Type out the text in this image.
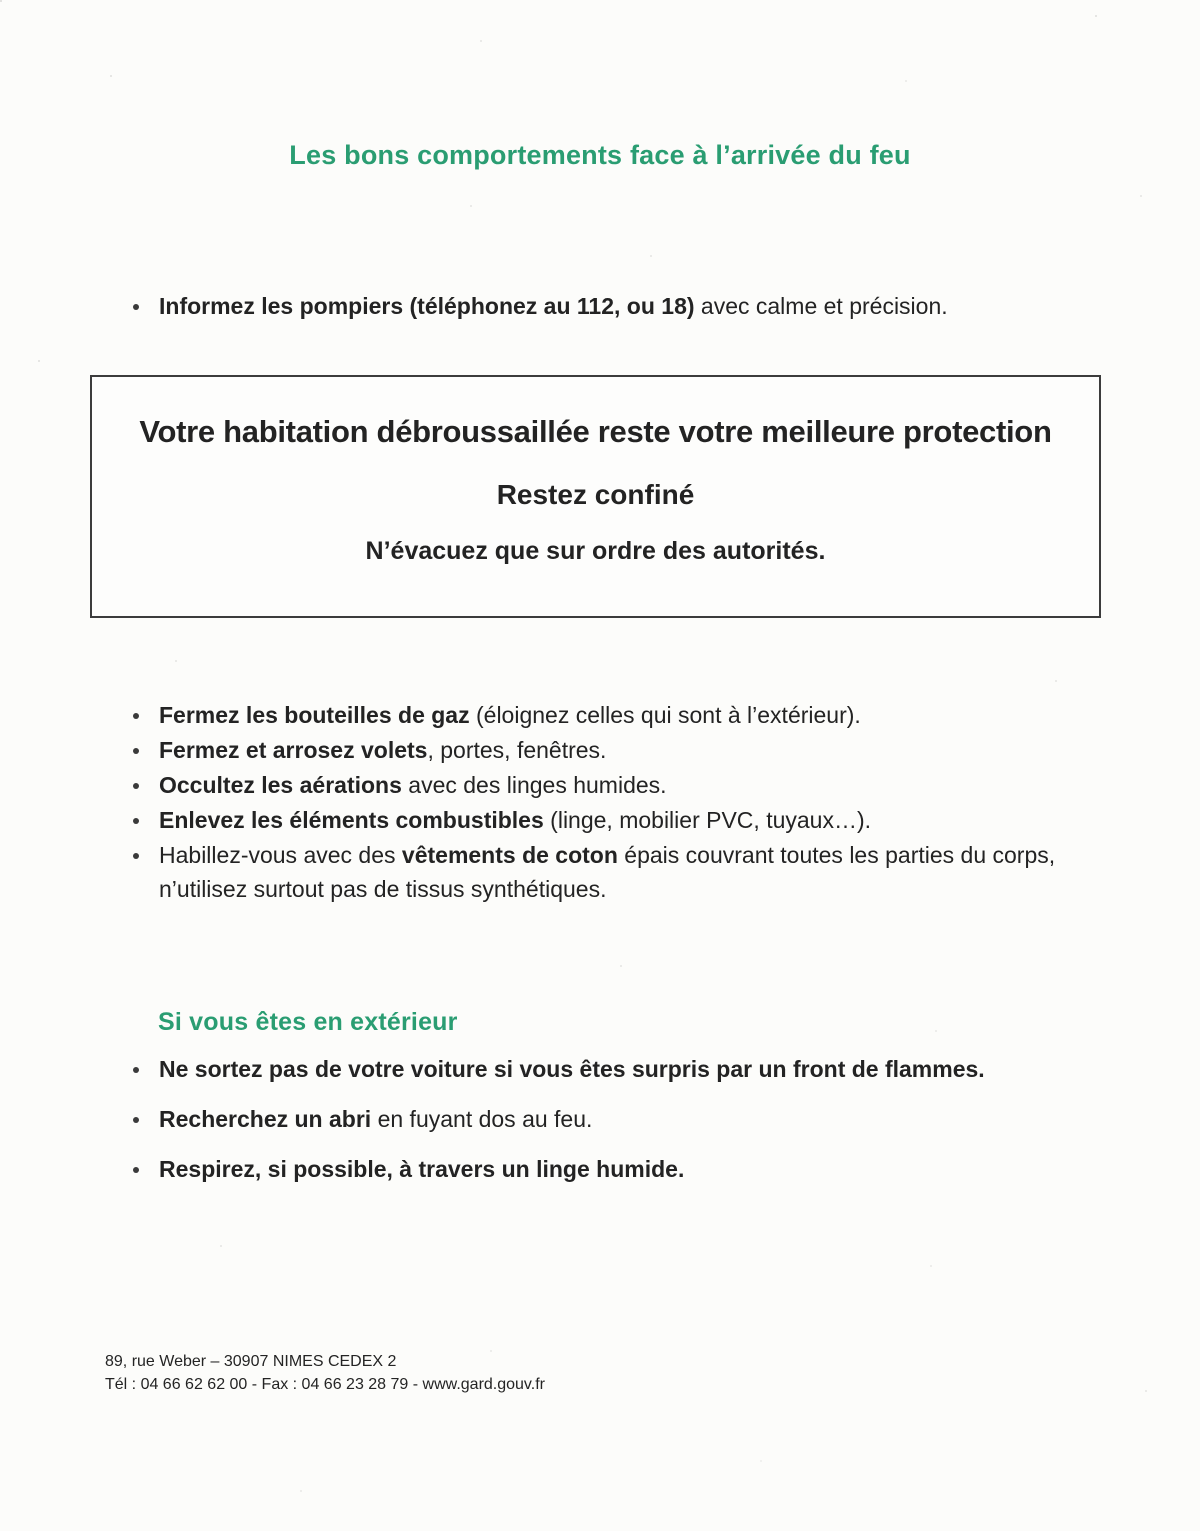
Les bons comportements face à l’arrivée du feu
Informez les pompiers (téléphonez au 112, ou 18) avec calme et précision.
Votre habitation débroussaillée reste votre meilleure protection
Restez confiné
N’évacuez que sur ordre des autorités.
Fermez les bouteilles de gaz (éloignez celles qui sont à l’extérieur).
Fermez et arrosez volets, portes, fenêtres.
Occultez les aérations avec des linges humides.
Enlevez les éléments combustibles (linge, mobilier PVC, tuyaux…).
Habillez-vous avec des vêtements de coton épais couvrant toutes les parties du corps, n’utilisez surtout pas de tissus synthétiques.
Si vous êtes en extérieur
Ne sortez pas de votre voiture si vous êtes surpris par un front de flammes.
Recherchez un abri en fuyant dos au feu.
Respirez, si possible, à travers un linge humide.
89, rue Weber – 30907 NIMES CEDEX 2
Tél : 04 66 62 62 00 - Fax : 04 66 23 28 79 - www.gard.gouv.fr
